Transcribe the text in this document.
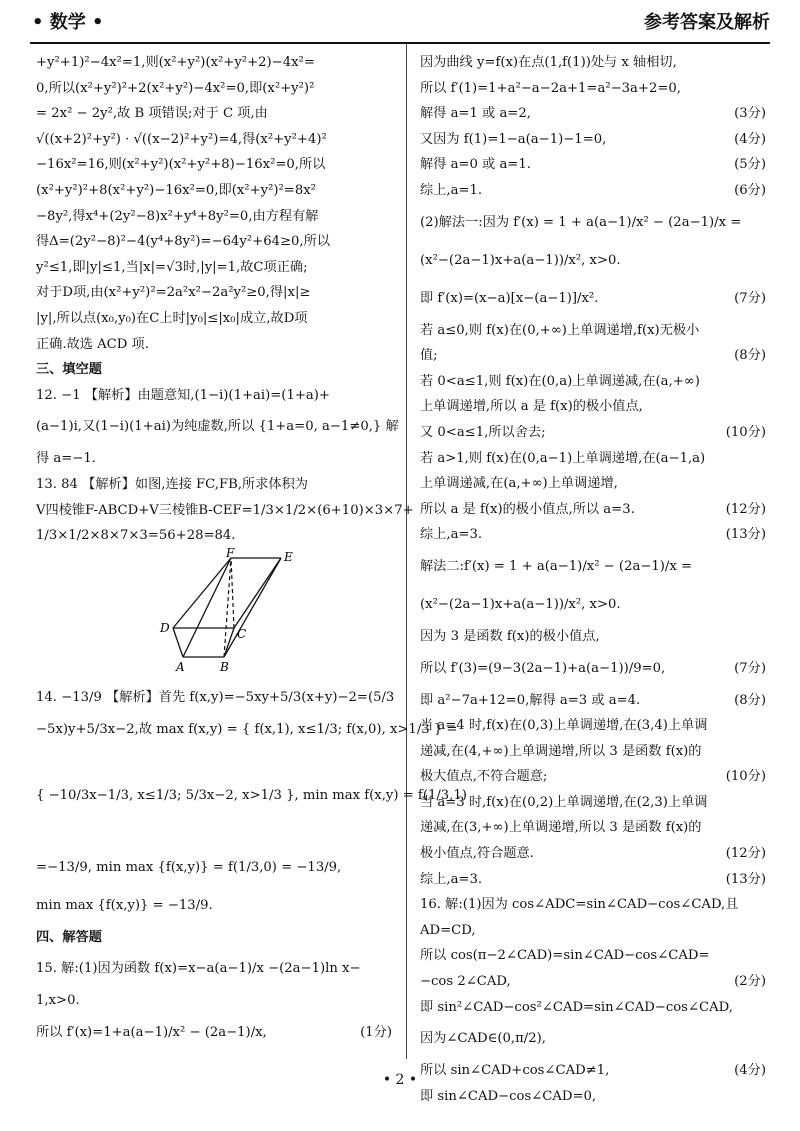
• 数学 •	参考答案及解析
+y²+1)²−4x²=1,则(x²+y²)(x²+y²+2)−4x²=
0,所以(x²+y²)²+2(x²+y²)−4x²=0,即(x²+y²)²
= 2x² − 2y²,故 B 项错误;对于 C 项,由
√((x+2)²+y²) · √((x−2)²+y²)=4,得(x²+y²+4)²
−16x²=16,则(x²+y²)(x²+y²+8)−16x²=0,所以
(x²+y²)²+8(x²+y²)−16x²=0,即(x²+y²)²=8x²
−8y²,得x⁴+(2y²−8)x²+y⁴+8y²=0,由方程有解
得Δ=(2y²−8)²−4(y⁴+8y²)=−64y²+64≥0,所以
y²≤1,即|y|≤1,当|x|=√3时,|y|=1,故C项正确;
对于D项,由(x²+y²)²=2a²x²−2a²y²≥0,得|x|≥
|y|,所以点(x₀,y₀)在C上时|y₀|≤|x₀|成立,故D项
正确.故选 ACD 项.
三、填空题
12. −1 【解析】由题意知,(1−i)(1+ai)=(1+a)+
(a−1)i,又(1−i)(1+ai)为纯虚数,所以 {1+a=0, a−1≠0,} 解
得 a=−1.
13. 84 【解析】如图,连接 FC,FB,所求体积为
V四棱锥F-ABCD+V三棱锥B-CEF=1/3×1/2×(6+10)×3×7+
1/3×1/2×8×7×3=56+28=84.
F	E
D	C
A	B
14. −13/9 【解析】首先 f(x,y)=−5xy+5/3(x+y)−2=(5/3
−5x)y+5/3x−2,故 max f(x,y) = { f(x,1), x≤1/3; f(x,0), x>1/3 } =
{ −10/3x−1/3, x≤1/3; 5/3x−2, x>1/3 }, min max f(x,y) = f(1/3,1)
=−13/9, min max {f(x,y)} = f(1/3,0) = −13/9,
min max {f(x,y)} = −13/9.
四、解答题
15. 解:(1)因为函数 f(x)=x−a(a−1)/x −(2a−1)ln x−
1,x>0.
所以 f′(x)=1+a(a−1)/x² − (2a−1)/x,	(1分)
因为曲线 y=f(x)在点(1,f(1))处与 x 轴相切,
所以 f′(1)=1+a²−a−2a+1=a²−3a+2=0,
解得 a=1 或 a=2,	(3分)
又因为 f(1)=1−a(a−1)−1=0,	(4分)
解得 a=0 或 a=1.	(5分)
综上,a=1.	(6分)
(2)解法一:因为 f′(x) = 1 + a(a−1)/x² − (2a−1)/x =
(x²−(2a−1)x+a(a−1))/x², x>0.
即 f′(x)=(x−a)[x−(a−1)]/x².	(7分)
若 a≤0,则 f(x)在(0,+∞)上单调递增,f(x)无极小
值;	(8分)
若 0<a≤1,则 f(x)在(0,a)上单调递减,在(a,+∞)
上单调递增,所以 a 是 f(x)的极小值点,
又 0<a≤1,所以舍去;	(10分)
若 a>1,则 f(x)在(0,a−1)上单调递增,在(a−1,a)
上单调递减,在(a,+∞)上单调递增,
所以 a 是 f(x)的极小值点,所以 a=3.	(12分)
综上,a=3.	(13分)
解法二:f′(x) = 1 + a(a−1)/x² − (2a−1)/x =
(x²−(2a−1)x+a(a−1))/x², x>0.
因为 3 是函数 f(x)的极小值点,
所以 f′(3)=(9−3(2a−1)+a(a−1))/9=0,	(7分)
即 a²−7a+12=0,解得 a=3 或 a=4.	(8分)
当 a=4 时,f(x)在(0,3)上单调递增,在(3,4)上单调
递减,在(4,+∞)上单调递增,所以 3 是函数 f(x)的
极大值点,不符合题意;	(10分)
当 a=3 时,f(x)在(0,2)上单调递增,在(2,3)上单调
递减,在(3,+∞)上单调递增,所以 3 是函数 f(x)的
极小值点,符合题意.	(12分)
综上,a=3.	(13分)
16. 解:(1)因为 cos∠ADC=sin∠CAD−cos∠CAD,且
AD=CD,
所以 cos(π−2∠CAD)=sin∠CAD−cos∠CAD=
−cos 2∠CAD,	(2分)
即 sin²∠CAD−cos²∠CAD=sin∠CAD−cos∠CAD,
因为∠CAD∈(0,π/2),
所以 sin∠CAD+cos∠CAD≠1,	(4分)
即 sin∠CAD−cos∠CAD=0,
• 2 •
